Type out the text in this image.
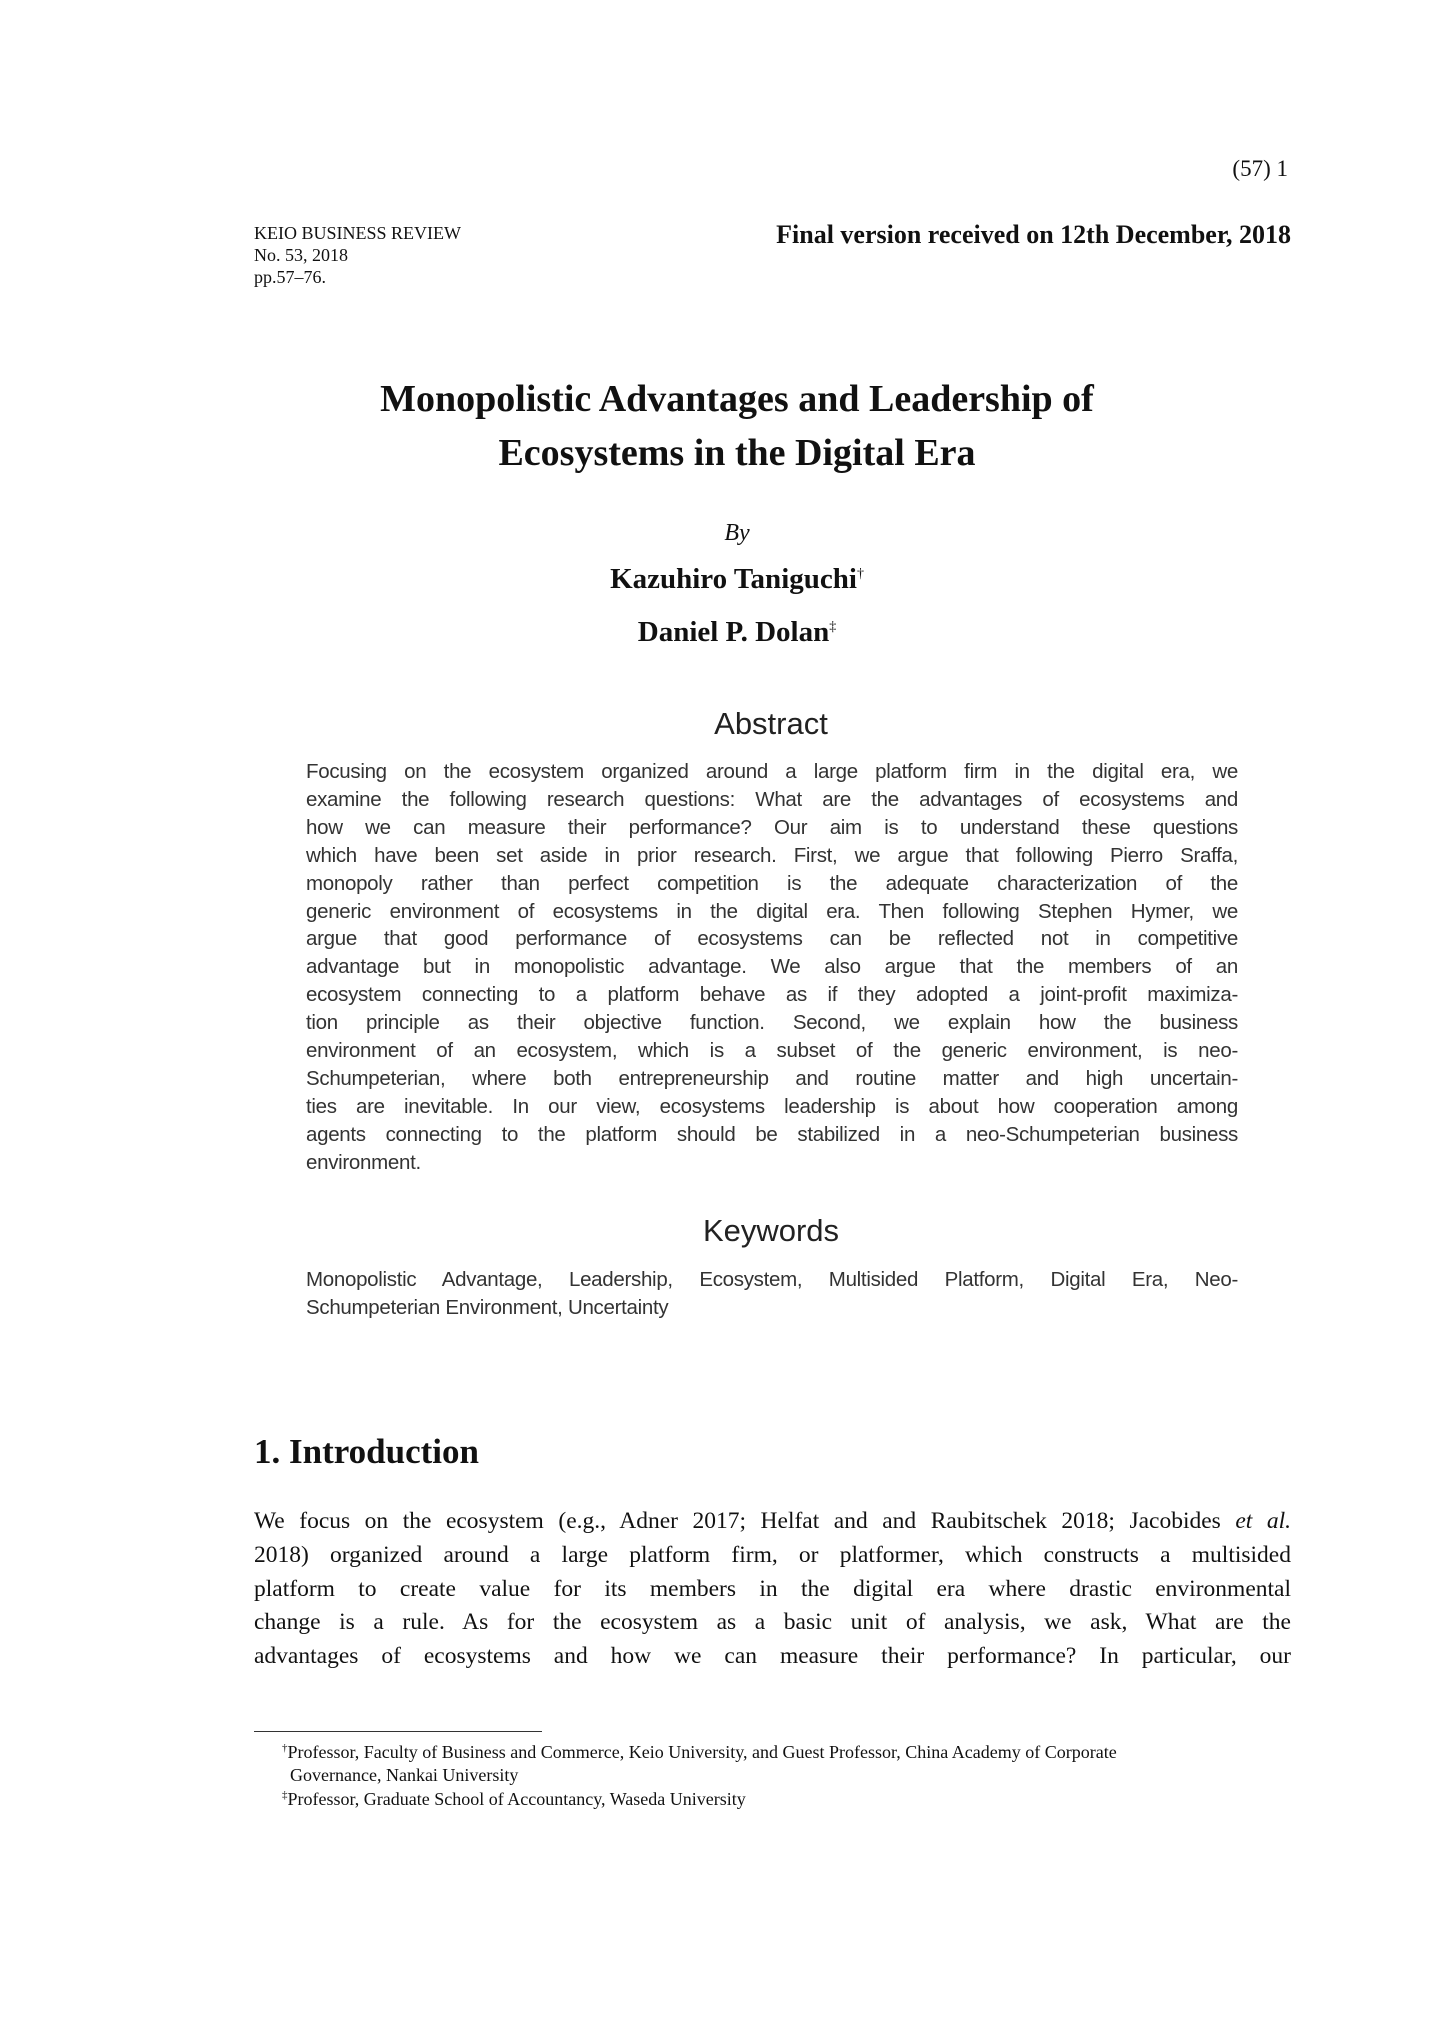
(57) 1
KEIO BUSINESS REVIEW
No. 53, 2018
pp.57–76.
Final version received on 12th December, 2018
Monopolistic Advantages and Leadership of
Ecosystems in the Digital Era
By
Kazuhiro Taniguchi†
Daniel P. Dolan‡
Abstract
Focusing on the ecosystem organized around a large platform firm in the digital era, we
examine the following research questions: What are the advantages of ecosystems and
how we can measure their performance? Our aim is to understand these questions
which have been set aside in prior research. First, we argue that following Pierro Sraffa,
monopoly rather than perfect competition is the adequate characterization of the
generic environment of ecosystems in the digital era. Then following Stephen Hymer, we
argue that good performance of ecosystems can be reflected not in competitive
advantage but in monopolistic advantage. We also argue that the members of an
ecosystem connecting to a platform behave as if they adopted a joint-profit maximiza-
tion principle as their objective function. Second, we explain how the business
environment of an ecosystem, which is a subset of the generic environment, is neo-
Schumpeterian, where both entrepreneurship and routine matter and high uncertain-
ties are inevitable. In our view, ecosystems leadership is about how cooperation among
agents connecting to the platform should be stabilized in a neo-Schumpeterian business
environment.
Keywords
Monopolistic Advantage, Leadership, Ecosystem, Multisided Platform, Digital Era, Neo-
Schumpeterian Environment, Uncertainty
1. Introduction
We focus on the ecosystem (e.g., Adner 2017; Helfat and and Raubitschek 2018; Jacobides et al.
2018) organized around a large platform firm, or platformer, which constructs a multisided
platform to create value for its members in the digital era where drastic environmental
change is a rule. As for the ecosystem as a basic unit of analysis, we ask, What are the
advantages of ecosystems and how we can measure their performance? In particular, our
†Professor, Faculty of Business and Commerce, Keio University, and Guest Professor, China Academy of Corporate
Governance, Nankai University
‡Professor, Graduate School of Accountancy, Waseda University
